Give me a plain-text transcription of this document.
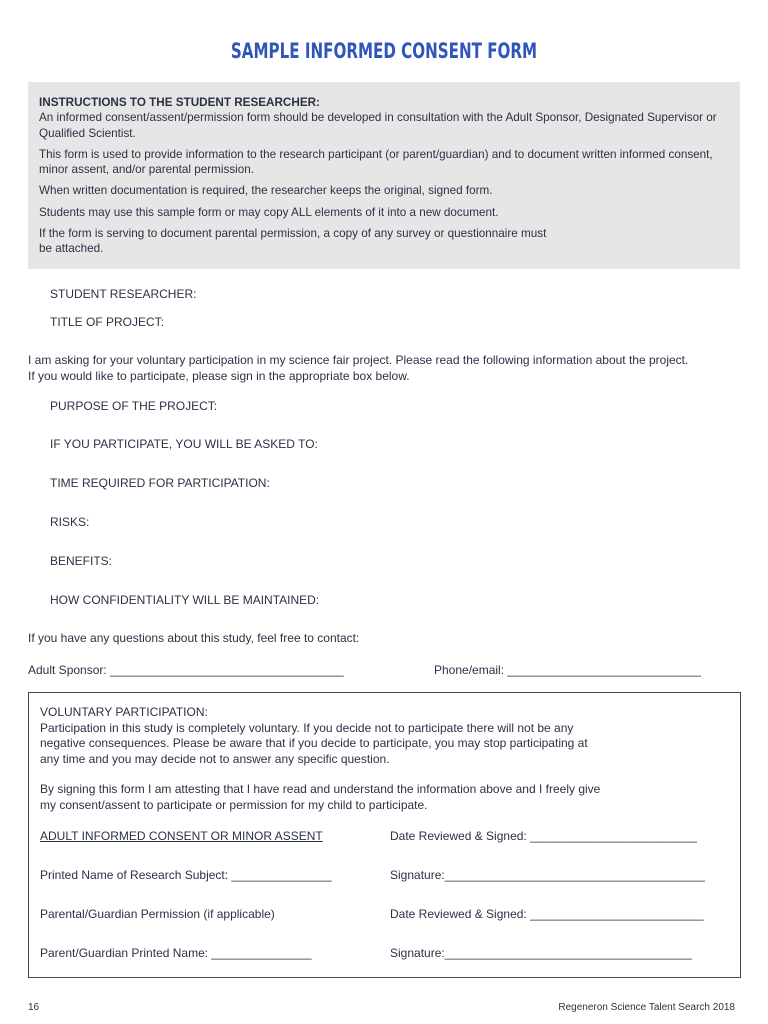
SAMPLE INFORMED CONSENT FORM

INSTRUCTIONS TO THE STUDENT RESEARCHER:

An informed consent/assent/permission form should be developed in consultation with the Adult Sponsor, Designated Supervisor or Qualified Scientist.

This form is used to provide information to the research participant (or parent/guardian) and to document written informed consent, minor assent, and/or parental permission.

When written documentation is required, the researcher keeps the original, signed form.

Students may use this sample form or may copy ALL elements of it into a new document.

If the form is serving to document parental permission, a copy of any survey or questionnaire must be attached.

STUDENT RESEARCHER:
TITLE OF PROJECT:

I am asking for your voluntary participation in my science fair project. Please read the following information about the project.

If you would like to participate, please sign in the appropriate box below.

PURPOSE OF THE PROJECT:
IF YOU PARTICIPATE, YOU WILL BE ASKED TO:
TIME REQUIRED FOR PARTICIPATION:
RISKS:
BENEFITS:
HOW CONFIDENTIALITY WILL BE MAINTAINED:
If you have any questions about this study, feel free to contact:
Adult Sponsor: ___________________________________	Phone/email: _____________________________

VOLUNTARY PARTICIPATION:

Participation in this study is completely voluntary. If you decide not to participate there will not be any

negative consequences. Please be aware that if you decide to participate, you may stop participating at

any time and you may decide not to answer any specific question.

By signing this form I am attesting that I have read and understand the information above and I freely give

my consent/assent to participate or permission for my child to participate.

ADULT INFORMED CONSENT OR MINOR ASSENT	Date Reviewed & Signed: _________________________
Printed Name of Research Subject: _______________	Signature:_______________________________________
Parental/Guardian Permission (if applicable)	Date Reviewed & Signed: __________________________
Parent/Guardian Printed Name: _______________	Signature:_____________________________________
16	Regeneron Science Talent Search 2018
